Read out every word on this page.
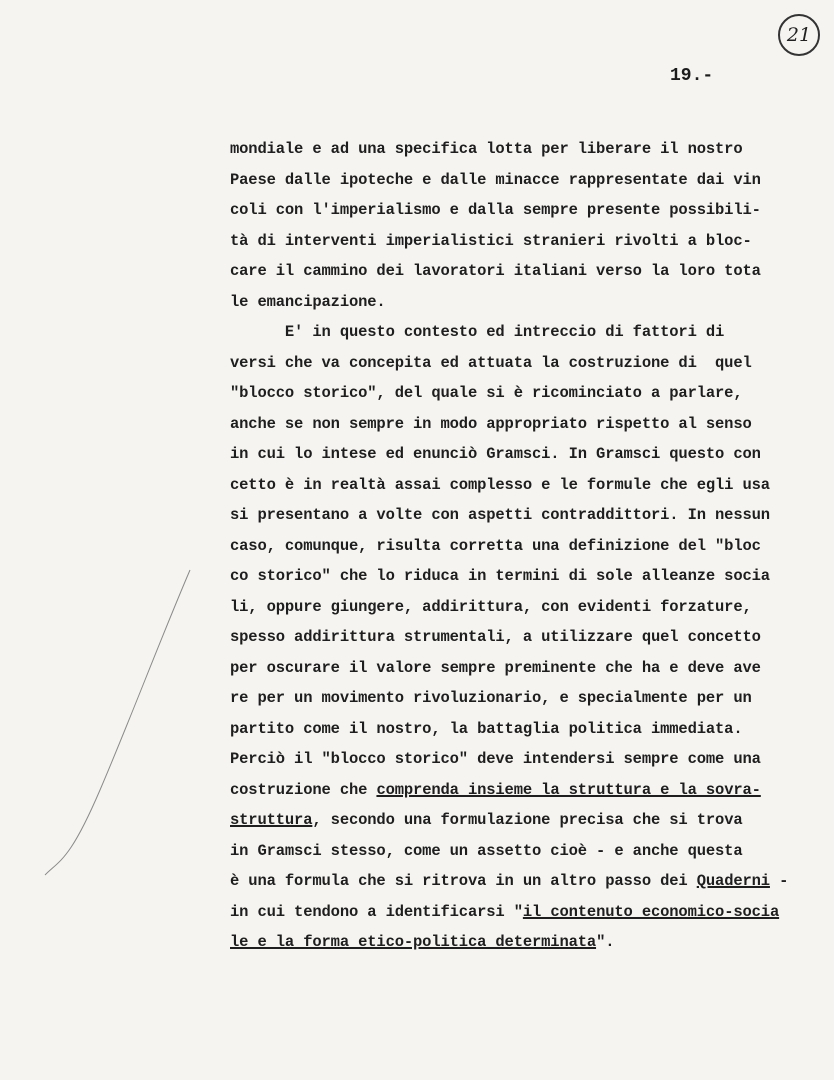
21
19.-
mondiale e ad una specifica lotta per liberare il nostro
Paese dalle ipoteche e dalle minacce rappresentate dai vin
coli con l'imperialismo e dalla sempre presente possibili-
tà di interventi imperialistici stranieri rivolti a bloc-
care il cammino dei lavoratori italiani verso la loro tota
le emancipazione.
E' in questo contesto ed intreccio di fattori di
versi che va concepita ed attuata la costruzione di  quel
"blocco storico", del quale si è ricominciato a parlare,
anche se non sempre in modo appropriato rispetto al senso
in cui lo intese ed enunciò Gramsci. In Gramsci questo con
cetto è in realtà assai complesso e le formule che egli usa
si presentano a volte con aspetti contraddittori. In nessun
caso, comunque, risulta corretta una definizione del "bloc
co storico" che lo riduca in termini di sole alleanze socia
li, oppure giungere, addirittura, con evidenti forzature,
spesso addirittura strumentali, a utilizzare quel concetto
per oscurare il valore sempre preminente che ha e deve ave
re per un movimento rivoluzionario, e specialmente per un
partito come il nostro, la battaglia politica immediata.
Perciò il "blocco storico" deve intendersi sempre come una
costruzione che comprenda insieme la struttura e la sovra-
struttura, secondo una formulazione precisa che si trova
in Gramsci stesso, come un assetto cioè - e anche questa
è una formula che si ritrova in un altro passo dei Quaderni -
in cui tendono a identificarsi "il contenuto economico-socia
le e la forma etico-politica determinata".
